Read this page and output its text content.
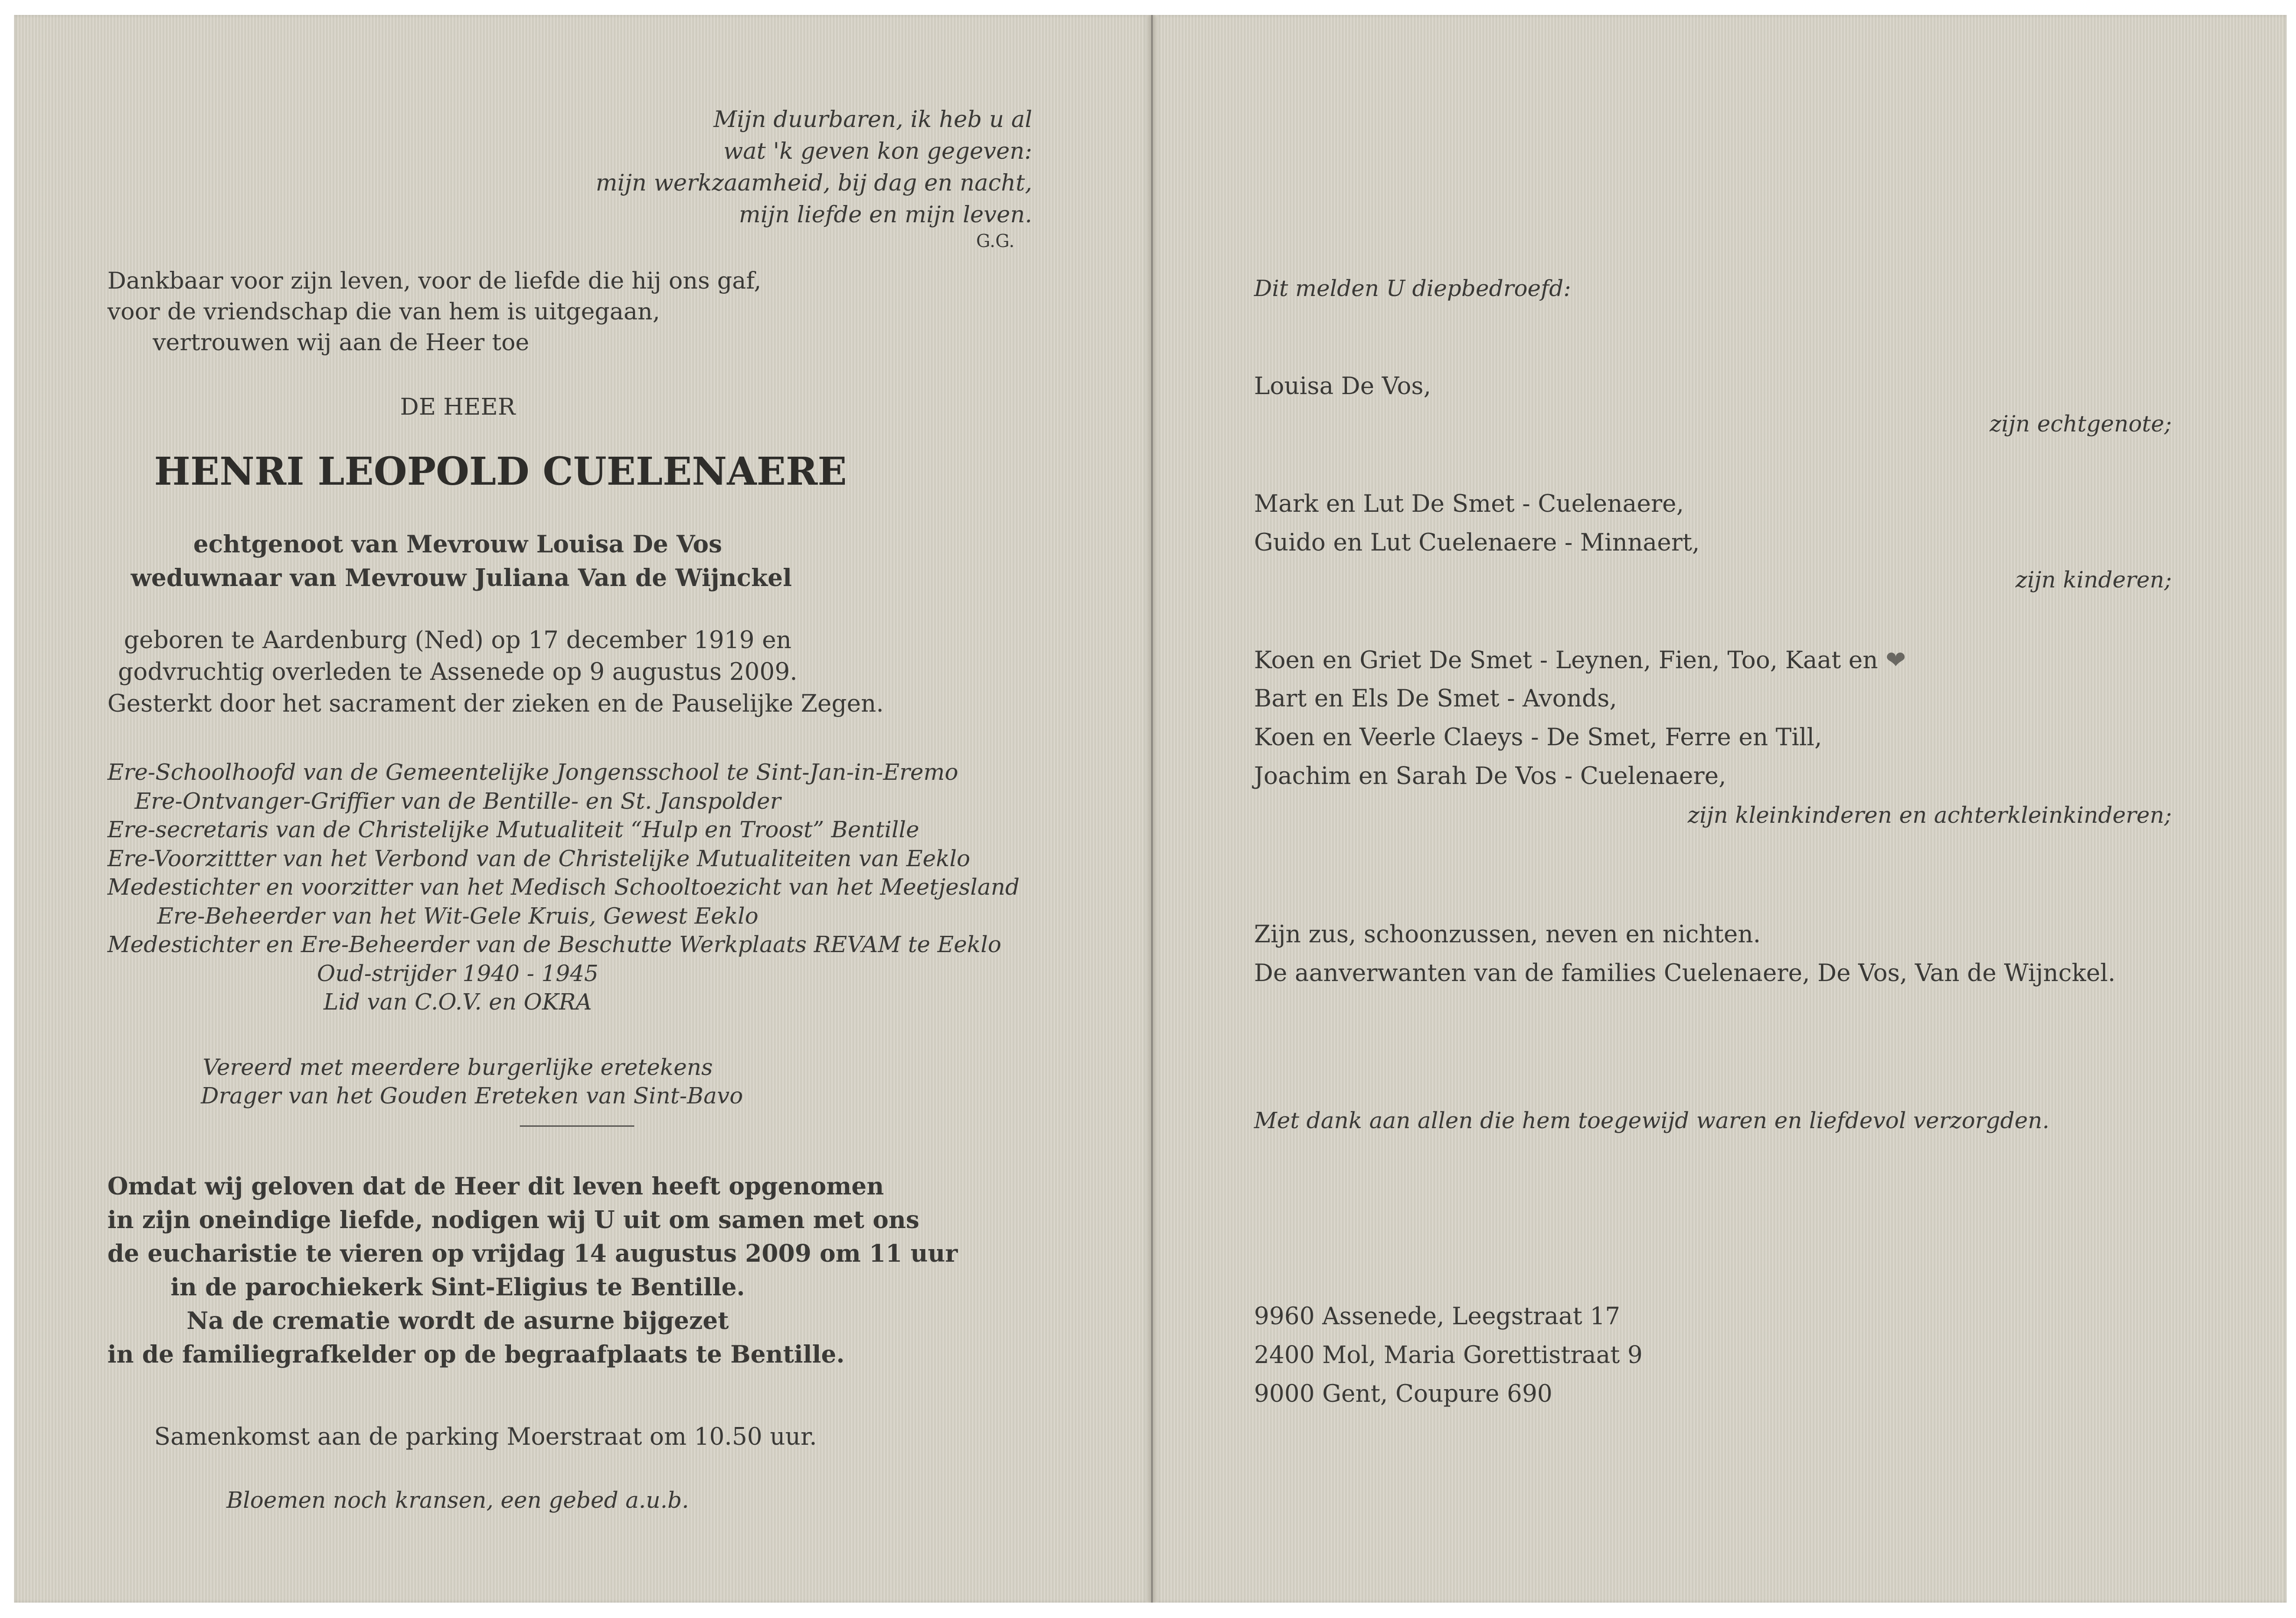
Mijn duurbaren, ik heb u al
wat 'k geven kon gegeven:
mijn werkzaamheid, bij dag en nacht,
mijn liefde en mijn leven.
G.G.
Dankbaar voor zijn leven, voor de liefde die hij ons gaf,
voor de vriendschap die van hem is uitgegaan,
vertrouwen wij aan de Heer toe
DE HEER
HENRI LEOPOLD CUELENAERE
echtgenoot van Mevrouw Louisa De Vos
weduwnaar van Mevrouw Juliana Van de Wijnckel
geboren te Aardenburg (Ned) op 17 december 1919 en
godvruchtig overleden te Assenede op 9 augustus 2009.
Gesterkt door het sacrament der zieken en de Pauselijke Zegen.
Ere-Schoolhoofd van de Gemeentelijke Jongensschool te Sint-Jan-in-Eremo
Ere-Ontvanger-Griffier van de Bentille- en St. Janspolder
Ere-secretaris van de Christelijke Mutualiteit “Hulp en Troost” Bentille
Ere-Voorzittter van het Verbond van de Christelijke Mutualiteiten van Eeklo
Medestichter en voorzitter van het Medisch Schooltoezicht van het Meetjesland
Ere-Beheerder van het Wit-Gele Kruis, Gewest Eeklo
Medestichter en Ere-Beheerder van de Beschutte Werkplaats REVAM te Eeklo
Oud-strijder 1940 - 1945
Lid van C.O.V. en OKRA
Vereerd met meerdere burgerlijke eretekens
Drager van het Gouden Ereteken van Sint-Bavo
Omdat wij geloven dat de Heer dit leven heeft opgenomen
in zijn oneindige liefde, nodigen wij U uit om samen met ons
de eucharistie te vieren op vrijdag 14 augustus 2009 om 11 uur
in de parochiekerk Sint-Eligius te Bentille.
Na de crematie wordt de asurne bijgezet
in de familiegrafkelder op de begraafplaats te Bentille.
Samenkomst aan de parking Moerstraat om 10.50 uur.
Bloemen noch kransen, een gebed a.u.b.
Dit melden U diepbedroefd:
Louisa De Vos,
zijn echtgenote;
Mark en Lut De Smet - Cuelenaere,
Guido en Lut Cuelenaere - Minnaert,
zijn kinderen;
Koen en Griet De Smet - Leynen, Fien, Too, Kaat en ❤
Bart en Els De Smet - Avonds,
Koen en Veerle Claeys - De Smet, Ferre en Till,
Joachim en Sarah De Vos - Cuelenaere,
zijn kleinkinderen en achterkleinkinderen;
Zijn zus, schoonzussen, neven en nichten.
De aanverwanten van de families Cuelenaere, De Vos, Van de Wijnckel.
Met dank aan allen die hem toegewijd waren en liefdevol verzorgden.
9960 Assenede, Leegstraat 17
2400 Mol, Maria Gorettistraat 9
9000 Gent, Coupure 690
